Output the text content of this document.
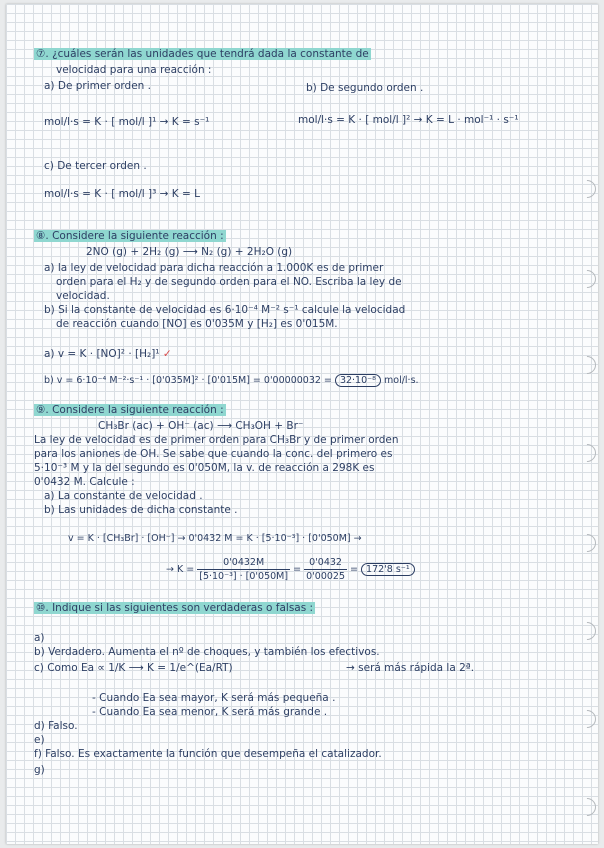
⑦. ¿cuáles serán las unidades que tendrá dada la constante de
velocidad para una reacción :
a) De primer orden .	b) De segundo orden .
mol/l·s = K · [ mol/l ]¹ → K = s⁻¹	mol/l·s = K · [ mol/l ]² → K = L · mol⁻¹ · s⁻¹
c) De tercer orden .
mol/l·s = K · [ mol/l ]³ → K = L
⑧. Considere la siguiente reacción :
2NO (g) + 2H₂ (g) ⟶ N₂ (g) + 2H₂O (g)
a) la ley de velocidad para dicha reacción a 1.000K es de primer
orden para el H₂ y de segundo orden para el NO. Escriba la ley de
velocidad.
b) Si la constante de velocidad es 6·10⁻⁴ M⁻² s⁻¹ calcule la velocidad
de reacción cuando [NO] es 0'035M y [H₂] es 0'015M.
a) v = K · [NO]² · [H₂]¹ ✓
b) v = 6·10⁻⁴ M⁻²·s⁻¹ · [0'035M]² · [0'015M] = 0'00000032 = 32·10⁻⁸ mol/l·s.
⑨. Considere la siguiente reacción :
CH₃Br (ac) + OH⁻ (ac) ⟶ CH₃OH + Br⁻
La ley de velocidad es de primer orden para CH₃Br y de primer orden
para los aniones de OH. Se sabe que cuando la conc. del primero es
5·10⁻³ M y la del segundo es 0'050M, la v. de reacción a 298K es
0'0432 M. Calcule :
a) La constante de velocidad .
b) Las unidades de dicha constante .
v = K · [CH₃Br] · [OH⁻] → 0'0432 M = K · [5·10⁻³] · [0'050M] →
→ $K = \frac{0'0432M}{\text{[5·10⁻³] · [0'050M]}} = \frac{0'0432}{0'00025} = 172'8$ s⁻¹
⑩. Indique si las siguientes son verdaderas o falsas :
a)
b) Verdadero. Aumenta el nº de choques, y también los efectivos.
c) Como Ea ∝ 1/K ⟶ K = 1/e^(Ea/RT)	→ será más rápida la 2ª.
- Cuando Ea sea mayor, K será más pequeña .
- Cuando Ea sea menor, K será más grande .
d) Falso.
e)
f) Falso. Es exactamente la función que desempeña el catalizador.
g)
